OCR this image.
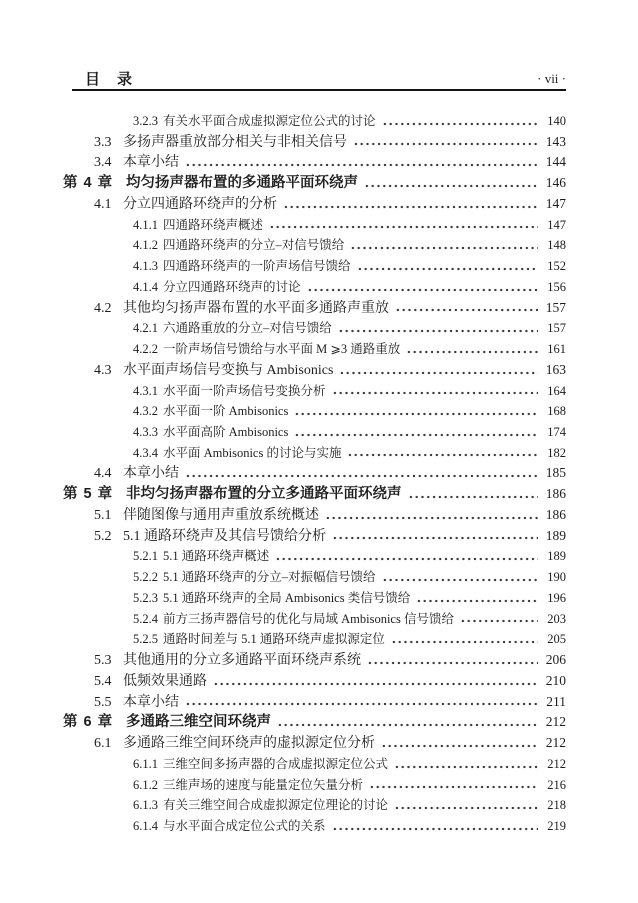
目　录	· vii ·
3.2.3 有关水平面合成虚拟源定位公式的讨论	140
3.3 多扬声器重放部分相关与非相关信号	143
3.4 本章小结	144
第 4 章 均匀扬声器布置的多通路平面环绕声	146
4.1 分立四通路环绕声的分析	147
4.1.1 四通路环绕声概述	147
4.1.2 四通路环绕声的分立–对信号馈给	148
4.1.3 四通路环绕声的一阶声场信号馈给	152
4.1.4 分立四通路环绕声的讨论	156
4.2 其他均匀扬声器布置的水平面多通路声重放	157
4.2.1 六通路重放的分立–对信号馈给	157
4.2.2 一阶声场信号馈给与水平面 M ⩾3 通路重放	161
4.3 水平面声场信号变换与 Ambisonics	163
4.3.1 水平面一阶声场信号变换分析	164
4.3.2 水平面一阶 Ambisonics	168
4.3.3 水平面高阶 Ambisonics	174
4.3.4 水平面 Ambisonics 的讨论与实施	182
4.4 本章小结	185
第 5 章 非均匀扬声器布置的分立多通路平面环绕声	186
5.1 伴随图像与通用声重放系统概述	186
5.2 5.1 通路环绕声及其信号馈给分析	189
5.2.1 5.1 通路环绕声概述	189
5.2.2 5.1 通路环绕声的分立–对振幅信号馈给	190
5.2.3 5.1 通路环绕声的全局 Ambisonics 类信号馈给	196
5.2.4 前方三扬声器信号的优化与局域 Ambisonics 信号馈给	203
5.2.5 通路时间差与 5.1 通路环绕声虚拟源定位	205
5.3 其他通用的分立多通路平面环绕声系统	206
5.4 低频效果通路	210
5.5 本章小结	211
第 6 章 多通路三维空间环绕声	212
6.1 多通路三维空间环绕声的虚拟源定位分析	212
6.1.1 三维空间多扬声器的合成虚拟源定位公式	212
6.1.2 三维声场的速度与能量定位矢量分析	216
6.1.3 有关三维空间合成虚拟源定位理论的讨论	218
6.1.4 与水平面合成定位公式的关系	219
